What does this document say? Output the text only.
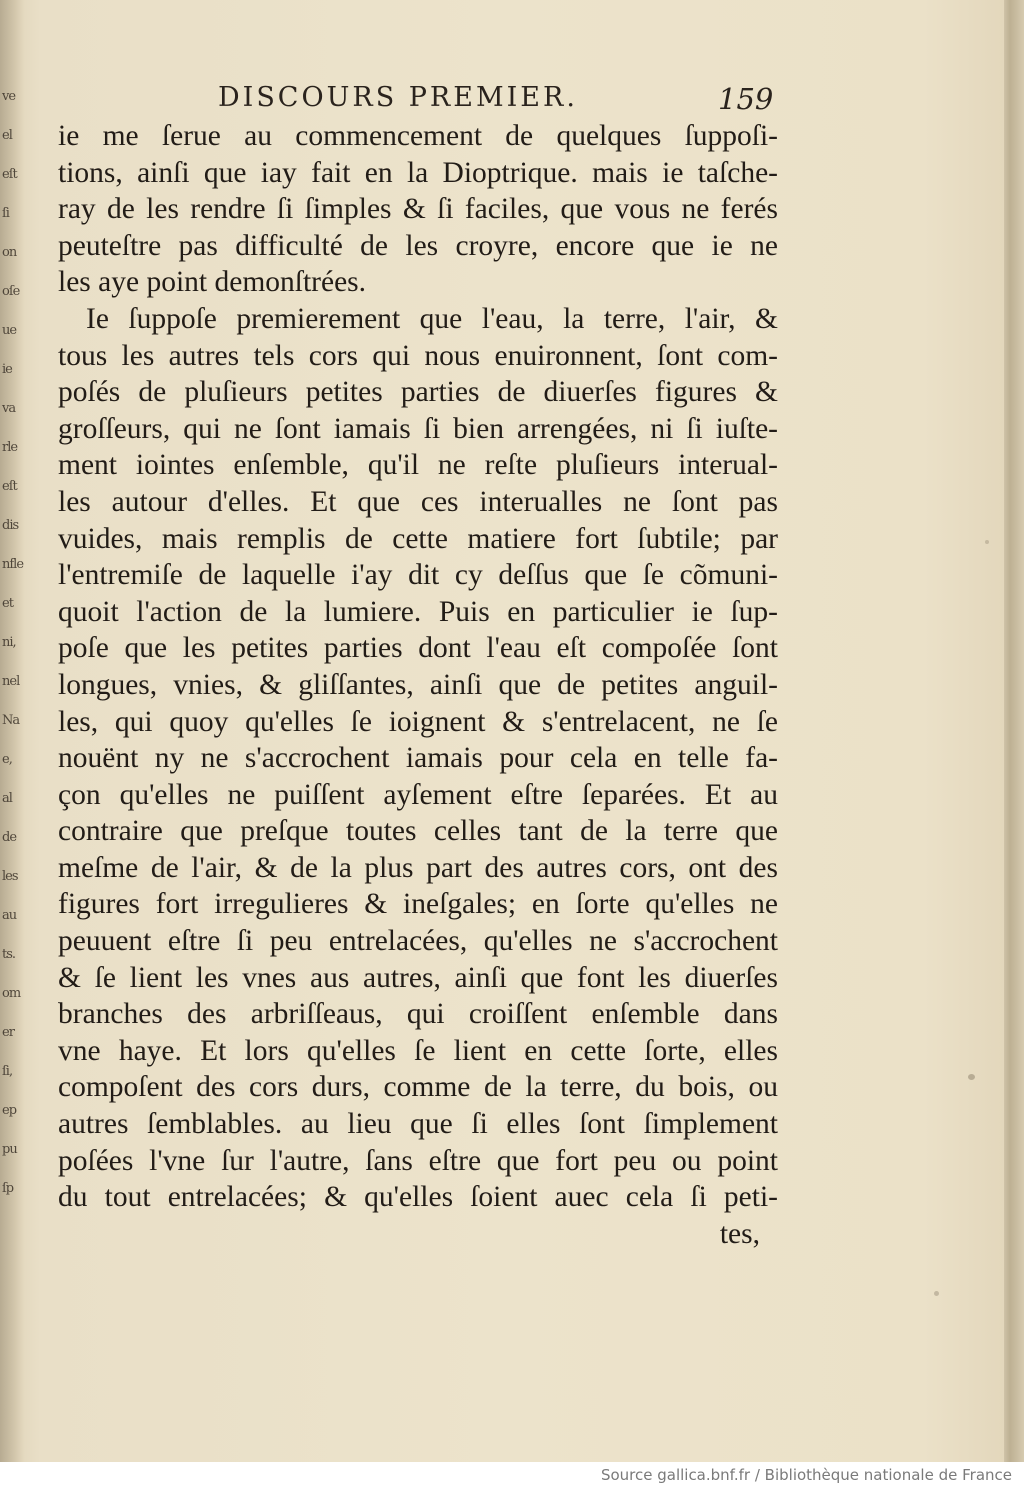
ve
el
eſt
ſi
on
oſe
ue
ie
va
rle
eſt
dis
nfle
et
ni,
nel
Na
e,
al
de
les
au
ts.
om
er
ſi,
ep
pu
ſp
DISCOURS PREMIER.	159
ie me ſerue au commencement de quelques ſuppoſi-
tions, ainſi que iay fait en la Dioptrique. mais ie taſche-
ray de les rendre ſi ſimples & ſi faciles, que vous ne ferés
peuteſtre pas difficulté de les croyre, encore que ie ne
les aye point demonſtrées.
Ie ſuppoſe premierement que l'eau, la terre, l'air, &
tous les autres tels cors qui nous enuironnent, ſont com-
poſés de pluſieurs petites parties de diuerſes figures &
groſſeurs, qui ne ſont iamais ſi bien arrengées, ni ſi iuſte-
ment iointes enſemble, qu'il ne reſte pluſieurs interual-
les autour d'elles. Et que ces interualles ne ſont pas
vuides, mais remplis de cette matiere fort ſubtile; par
l'entremiſe de laquelle i'ay dit cy deſſus que ſe cõmuni-
quoit l'action de la lumiere. Puis en particulier ie ſup-
poſe que les petites parties dont l'eau eſt compoſée ſont
longues, vnies, & gliſſantes, ainſi que de petites anguil-
les, qui quoy qu'elles ſe ioignent & s'entrelacent, ne ſe
nouënt ny ne s'accrochent iamais pour cela en telle fa-
çon qu'elles ne puiſſent ayſement eſtre ſeparées. Et au
contraire que preſque toutes celles tant de la terre que
meſme de l'air, & de la plus part des autres cors, ont des
figures fort irregulieres & ineſgales; en ſorte qu'elles ne
peuuent eſtre ſi peu entrelacées, qu'elles ne s'accrochent
& ſe lient les vnes aus autres, ainſi que font les diuerſes
branches des arbriſſeaus, qui croiſſent enſemble dans
vne haye. Et lors qu'elles ſe lient en cette ſorte, elles
compoſent des cors durs, comme de la terre, du bois, ou
autres ſemblables. au lieu que ſi elles ſont ſimplement
poſées l'vne ſur l'autre, ſans eſtre que fort peu ou point
du tout entrelacées; & qu'elles ſoient auec cela ſi peti-
tes,
Source gallica.bnf.fr / Bibliothèque nationale de France
